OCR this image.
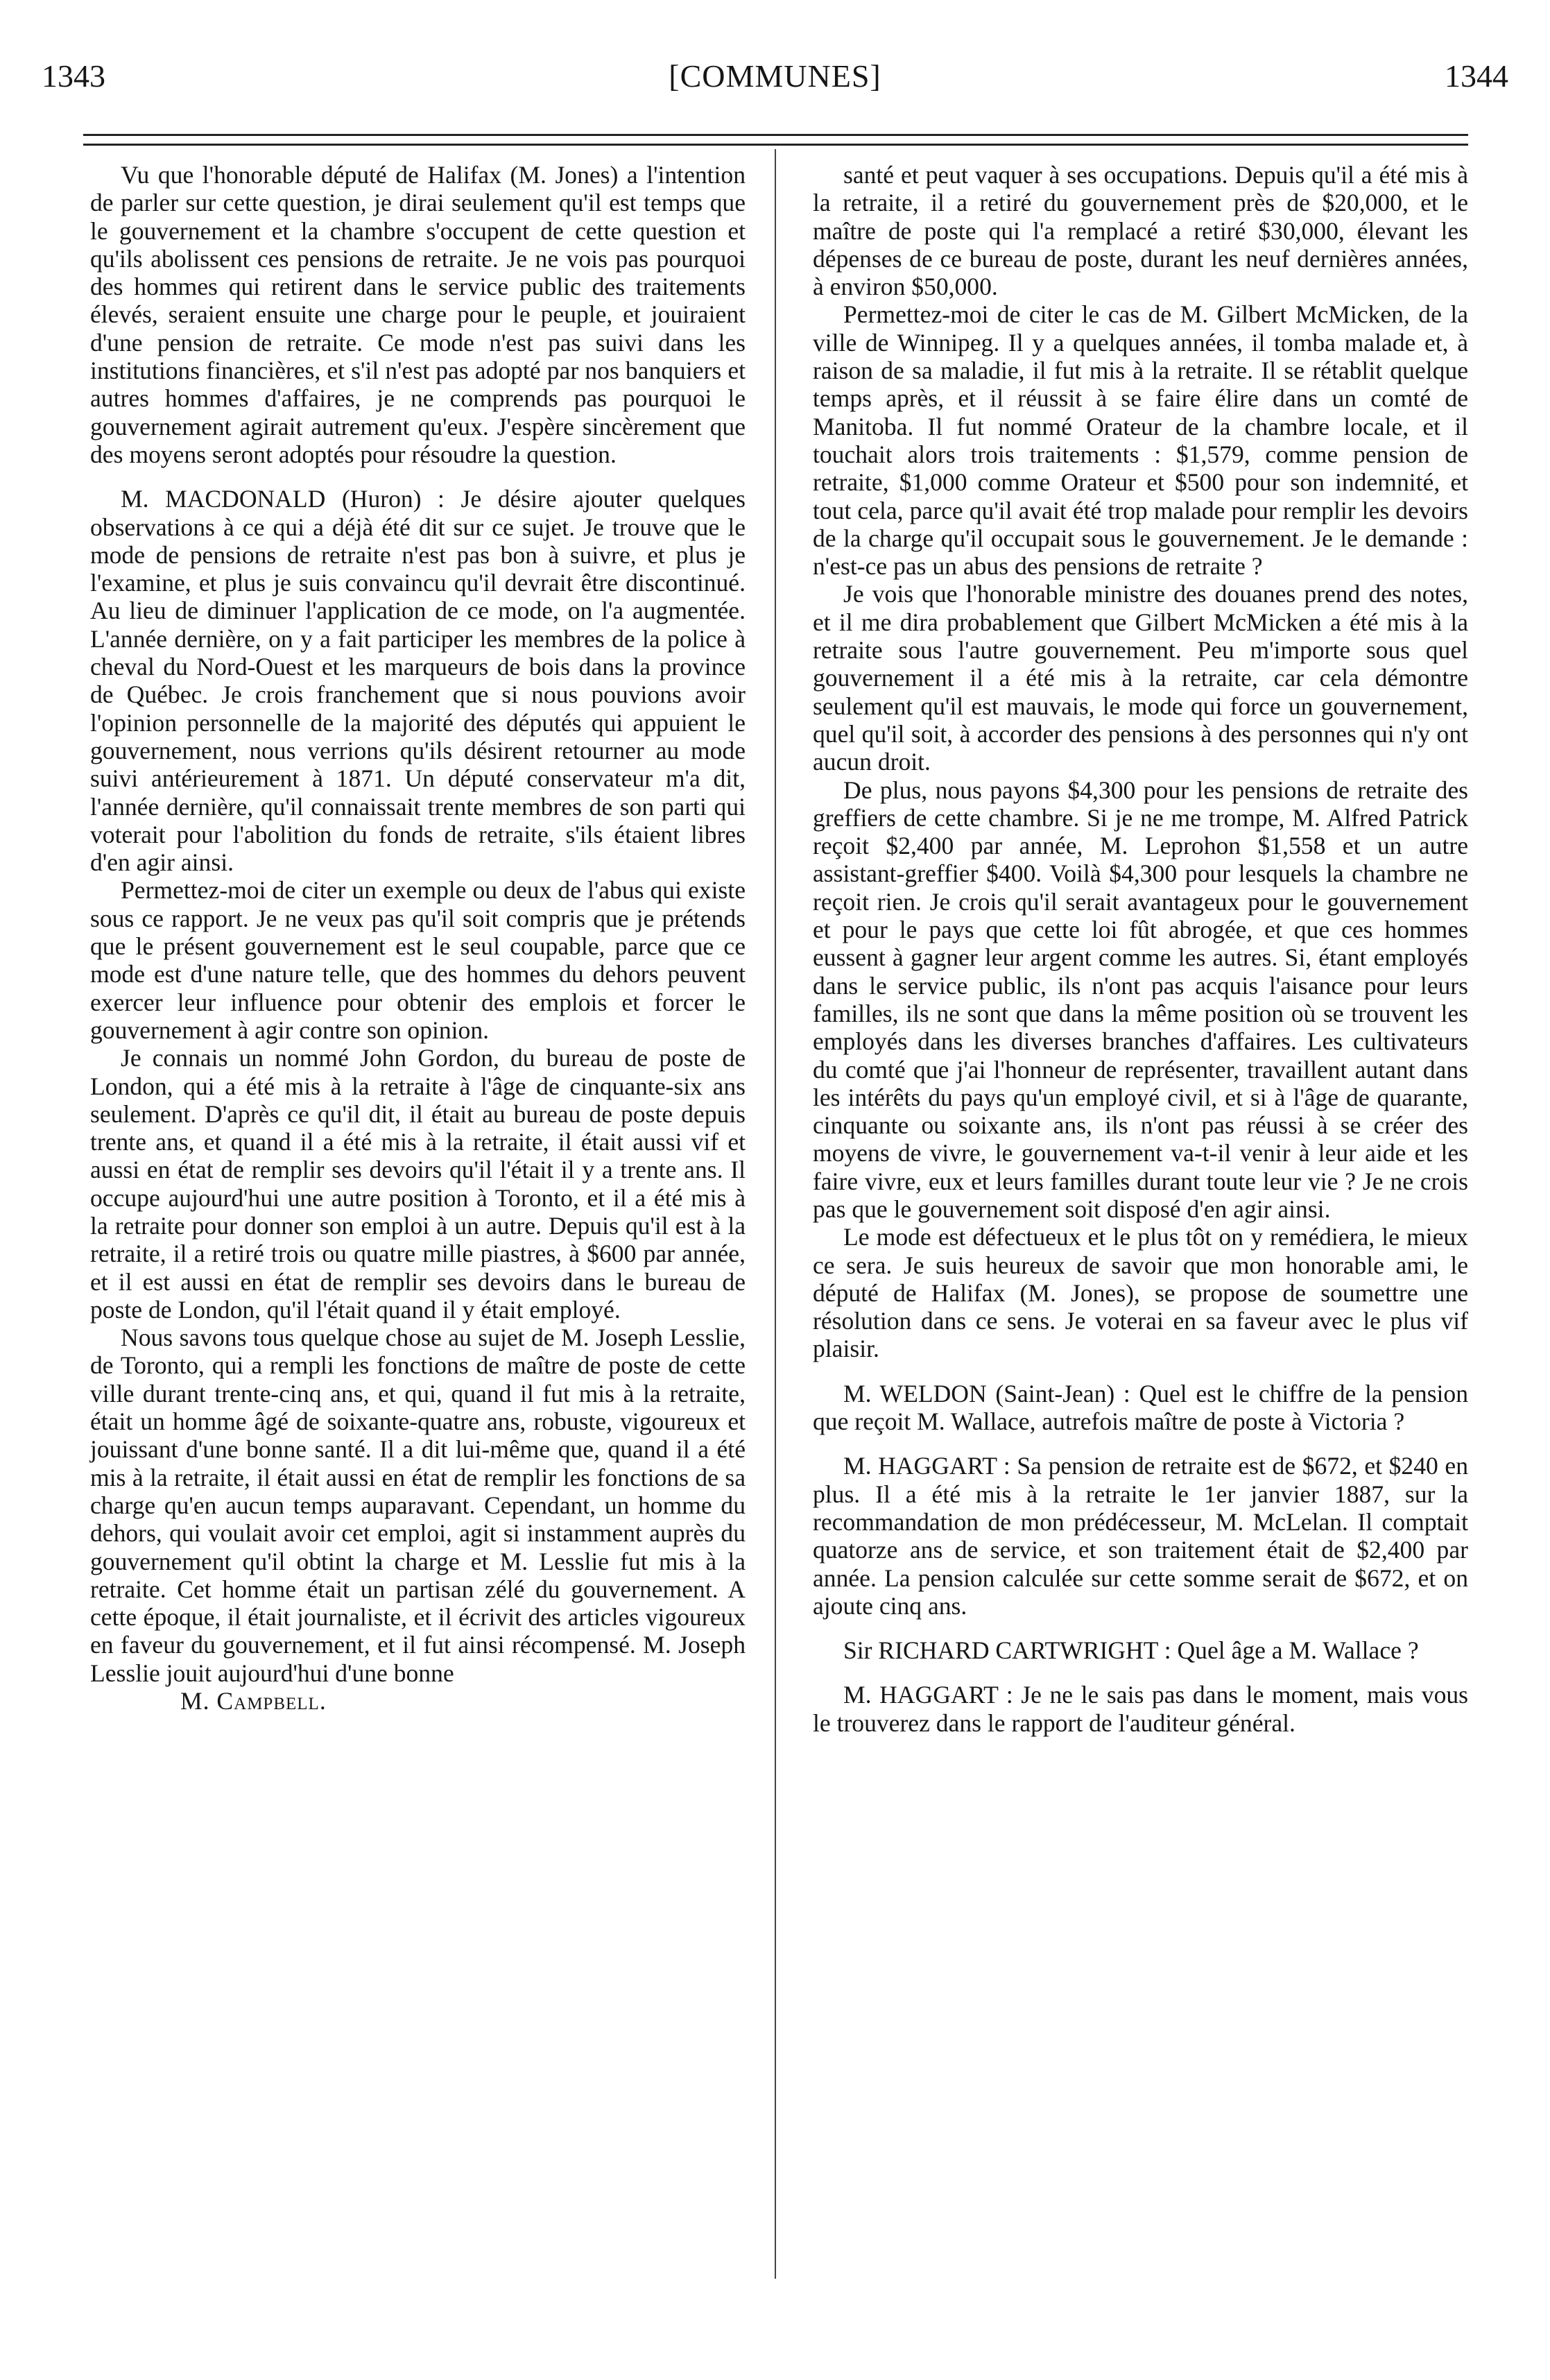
1343	[COMMUNES]	1344

Vu que l'honorable député de Halifax (M. Jones) a l'intention de parler sur cette question, je dirai seulement qu'il est temps que le gouvernement et la chambre s'occupent de cette question et qu'ils abolissent ces pensions de retraite. Je ne vois pas pourquoi des hommes qui retirent dans le service public des traitements élevés, seraient ensuite une charge pour le peuple, et jouiraient d'une pension de retraite. Ce mode n'est pas suivi dans les institutions financières, et s'il n'est pas adopté par nos banquiers et autres hommes d'affaires, je ne comprends pas pourquoi le gouvernement agirait autrement qu'eux. J'espère sincèrement que des moyens seront adoptés pour résoudre la question.

M. MACDONALD (Huron) : Je désire ajouter quelques observations à ce qui a déjà été dit sur ce sujet. Je trouve que le mode de pensions de retraite n'est pas bon à suivre, et plus je l'examine, et plus je suis convaincu qu'il devrait être discontinué. Au lieu de diminuer l'application de ce mode, on l'a augmentée. L'année dernière, on y a fait participer les membres de la police à cheval du Nord-Ouest et les marqueurs de bois dans la province de Québec. Je crois franchement que si nous pouvions avoir l'opinion personnelle de la majorité des députés qui appuient le gouvernement, nous verrions qu'ils désirent retourner au mode suivi antérieurement à 1871. Un député conservateur m'a dit, l'année dernière, qu'il connaissait trente membres de son parti qui voterait pour l'abolition du fonds de retraite, s'ils étaient libres d'en agir ainsi.

Permettez-moi de citer un exemple ou deux de l'abus qui existe sous ce rapport. Je ne veux pas qu'il soit compris que je prétends que le présent gouvernement est le seul coupable, parce que ce mode est d'une nature telle, que des hommes du dehors peuvent exercer leur influence pour obtenir des emplois et forcer le gouvernement à agir contre son opinion.

Je connais un nommé John Gordon, du bureau de poste de London, qui a été mis à la retraite à l'âge de cinquante-six ans seulement. D'après ce qu'il dit, il était au bureau de poste depuis trente ans, et quand il a été mis à la retraite, il était aussi vif et aussi en état de remplir ses devoirs qu'il l'était il y a trente ans. Il occupe aujourd'hui une autre position à Toronto, et il a été mis à la retraite pour donner son emploi à un autre. Depuis qu'il est à la retraite, il a retiré trois ou quatre mille piastres, à $600 par année, et il est aussi en état de remplir ses devoirs dans le bureau de poste de London, qu'il l'était quand il y était employé.

Nous savons tous quelque chose au sujet de M. Joseph Lesslie, de Toronto, qui a rempli les fonctions de maître de poste de cette ville durant trente-cinq ans, et qui, quand il fut mis à la retraite, était un homme âgé de soixante-quatre ans, robuste, vigoureux et jouissant d'une bonne santé. Il a dit lui-même que, quand il a été mis à la retraite, il était aussi en état de remplir les fonctions de sa charge qu'en aucun temps auparavant. Cependant, un homme du dehors, qui voulait avoir cet emploi, agit si instamment auprès du gouvernement qu'il obtint la charge et M. Lesslie fut mis à la retraite. Cet homme était un partisan zélé du gouvernement. A cette époque, il était journaliste, et il écrivit des articles vigoureux en faveur du gouvernement, et il fut ainsi récompensé. M. Joseph Lesslie jouit aujourd'hui d'une bonne

M. Campbell.

santé et peut vaquer à ses occupations. Depuis qu'il a été mis à la retraite, il a retiré du gouvernement près de $20,000, et le maître de poste qui l'a remplacé a retiré $30,000, élevant les dépenses de ce bureau de poste, durant les neuf dernières années, à environ $50,000.

Permettez-moi de citer le cas de M. Gilbert McMicken, de la ville de Winnipeg. Il y a quelques années, il tomba malade et, à raison de sa maladie, il fut mis à la retraite. Il se rétablit quelque temps après, et il réussit à se faire élire dans un comté de Manitoba. Il fut nommé Orateur de la chambre locale, et il touchait alors trois traitements : $1,579, comme pension de retraite, $1,000 comme Orateur et $500 pour son indemnité, et tout cela, parce qu'il avait été trop malade pour remplir les devoirs de la charge qu'il occupait sous le gouvernement. Je le demande : n'est-ce pas un abus des pensions de retraite ?

Je vois que l'honorable ministre des douanes prend des notes, et il me dira probablement que Gilbert McMicken a été mis à la retraite sous l'autre gouvernement. Peu m'importe sous quel gouvernement il a été mis à la retraite, car cela démontre seulement qu'il est mauvais, le mode qui force un gouvernement, quel qu'il soit, à accorder des pensions à des personnes qui n'y ont aucun droit.

De plus, nous payons $4,300 pour les pensions de retraite des greffiers de cette chambre. Si je ne me trompe, M. Alfred Patrick reçoit $2,400 par année, M. Leprohon $1,558 et un autre assistant-greffier $400. Voilà $4,300 pour lesquels la chambre ne reçoit rien. Je crois qu'il serait avantageux pour le gouvernement et pour le pays que cette loi fût abrogée, et que ces hommes eussent à gagner leur argent comme les autres. Si, étant employés dans le service public, ils n'ont pas acquis l'aisance pour leurs familles, ils ne sont que dans la même position où se trouvent les employés dans les diverses branches d'affaires. Les cultivateurs du comté que j'ai l'honneur de représenter, travaillent autant dans les intérêts du pays qu'un employé civil, et si à l'âge de quarante, cinquante ou soixante ans, ils n'ont pas réussi à se créer des moyens de vivre, le gouvernement va-t-il venir à leur aide et les faire vivre, eux et leurs familles durant toute leur vie ? Je ne crois pas que le gouvernement soit disposé d'en agir ainsi.

Le mode est défectueux et le plus tôt on y remédiera, le mieux ce sera. Je suis heureux de savoir que mon honorable ami, le député de Halifax (M. Jones), se propose de soumettre une résolution dans ce sens. Je voterai en sa faveur avec le plus vif plaisir.

M. WELDON (Saint-Jean) : Quel est le chiffre de la pension que reçoit M. Wallace, autrefois maître de poste à Victoria ?

M. HAGGART : Sa pension de retraite est de $672, et $240 en plus. Il a été mis à la retraite le 1er janvier 1887, sur la recommandation de mon prédécesseur, M. McLelan. Il comptait quatorze ans de service, et son traitement était de $2,400 par année. La pension calculée sur cette somme serait de $672, et on ajoute cinq ans.

Sir RICHARD CARTWRIGHT : Quel âge a M. Wallace ?

M. HAGGART : Je ne le sais pas dans le moment, mais vous le trouverez dans le rapport de l'auditeur général.
